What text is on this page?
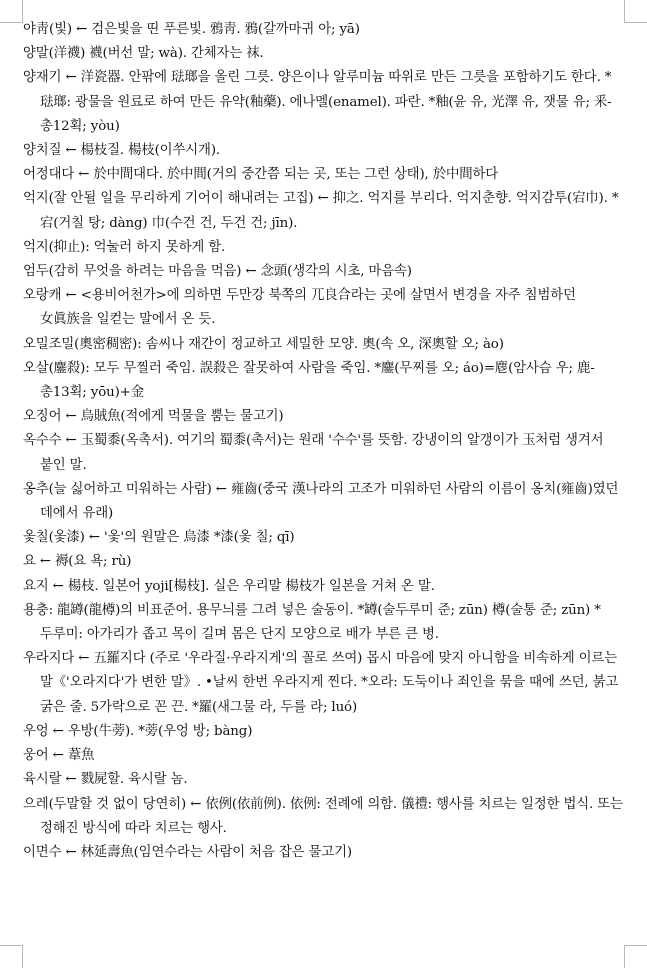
야靑(빛) ← 검은빛을 띤 푸른빛. 鴉靑. 鴉(갈까마귀 아; yā)

양말(洋襪) 襪(버선 말; wà). 간체자는 袜.

양재기 ← 洋瓷器. 안팎에 琺瑯을 올린 그릇. 양은이나 알루미늄 따위로 만든 그릇을 포함하기도 한다. *琺瑯: 광물을 원료로 하여 만든 유약(釉藥). 에나멜(enamel). 파란. *釉(윤 유, 光澤 유, 잿물 유; 釆-총12획; yòu)

양치질 ← 楊枝질. 楊枝(이쑤시개).

어정대다 ← 於中間대다. 於中間(거의 중간쯤 되는 곳, 또는 그런 상태), 於中間하다

억지(잘 안될 일을 무리하게 기어이 해내려는 고집) ← 抑之. 억지를 부리다. 억지춘향. 억지감투(宕巾). *宕(거칠 탕; dàng) 巾(수건 건, 두건 건; jīn).

억지(抑止): 억눌러 하지 못하게 함.

엄두(감히 무엇을 하려는 마음을 먹음) ← 念頭(생각의 시초, 마음속)

오랑캐 ← <용비어천가>에 의하면 두만강 북쪽의 兀良合라는 곳에 살면서 변경을 자주 침범하던 女眞族을 일컫는 말에서 온 듯.

오밀조밀(奧密稠密): 솜씨나 재간이 정교하고 세밀한 모양. 奧(속 오, 深奧할 오; ào)

오살(鏖殺): 모두 무찔러 죽임. 誤殺은 잘못하여 사람을 죽임. *鏖(무찌를 오; áo)=麀(암사슴 우; 鹿-총13획; yōu)+金

오징어 ← 烏賊魚(적에게 먹물을 뿜는 물고기)

옥수수 ← 玉蜀黍(옥촉서). 여기의 蜀黍(촉서)는 원래 '수수'를 뜻함. 강냉이의 알갱이가 玉처럼 생겨서 붙인 말.

옹추(늘 싫어하고 미워하는 사람) ← 雍齒(중국 漢나라의 고조가 미워하던 사람의 이름이 옹치(雍齒)였던 데에서 유래)

옻칠(옻漆) ← '옻'의 원말은 烏漆 *漆(옻 칠; qī)

요 ← 褥(요 욕; rù)

요지 ← 楊枝. 일본어 yoji[楊枝]. 실은 우리말 楊枝가 일본을 거쳐 온 말.

용충: 龍罇(龍樽)의 비표준어. 용무늬를 그려 넣은 술동이. *罇(술두루미 준; zūn) 樽(술통 준; zūn) *두루미: 아가리가 좁고 목이 길며 몸은 단지 모양으로 배가 부른 큰 병.

우라지다 ← 五羅지다 (주로 '우라질·우라지게'의 꼴로 쓰여) 몹시 마음에 맞지 아니함을 비속하게 이르는 말《'오라지다'가 변한 말》. •날씨 한번 우라지게 찐다. *오라: 도둑이나 죄인을 묶을 때에 쓰던, 붉고 굵은 줄. 5가락으로 꼰 끈. *羅(새그물 라, 두를 라; luó)

우엉 ← 우방(牛蒡). *蒡(우엉 방; bàng)

웅어 ← 葦魚

육시랄 ← 戮屍할. 육시랄 놈.

으레(두말할 것 없이 당연히) ← 依例(依前例). 依例: 전례에 의함. 儀禮: 행사를 치르는 일정한 법식. 또는 정해진 방식에 따라 치르는 행사.

이면수 ← 林延壽魚(임연수라는 사람이 처음 잡은 물고기)
